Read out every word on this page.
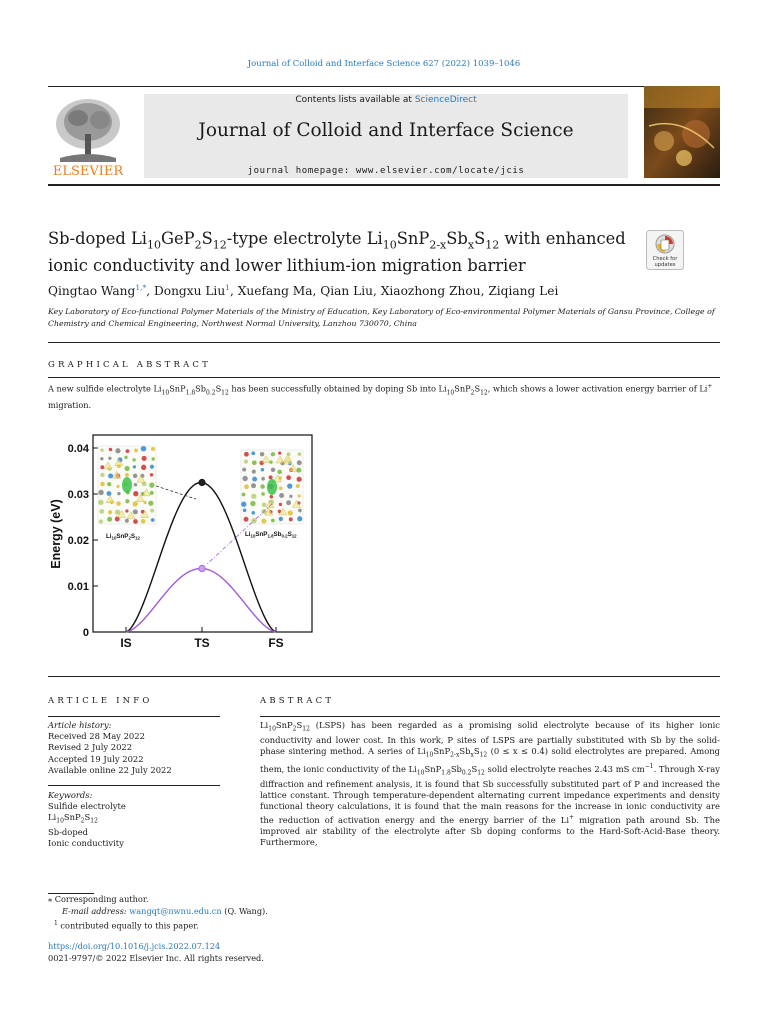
Journal of Colloid and Interface Science 627 (2022) 1039–1046
Contents lists available at ScienceDirect
Journal of Colloid and Interface Science
journal homepage: www.elsevier.com/locate/jcis
ELSEVIER
Sb-doped $Li_{10}GeP_2S_{12}$-type electrolyte $Li_{10}SnP_{2-x}Sb_xS_{12}$ with enhanced
ionic conductivity and lower lithium-ion migration barrier	Check for
updates
Qingtao Wang$^{1,*}$, Dongxu Liu$^1$, Xuefang Ma, Qian Liu, Xiaozhong Zhou, Ziqiang Lei
Key Laboratory of Eco-functional Polymer Materials of the Ministry of Education, Key Laboratory of Eco-environmental Polymer Materials of Gansu Province, College of Chemistry and Chemical Engineering, Northwest Normal University, Lanzhou 730070, China
GRAPHICAL ABSTRACT
A new sulfide electrolyte $Li_{10}SnP_{1.8}Sb_{0.2}S_{12}$ has been successfully obtained by doping Sb into $Li_{10}SnP_2S_{12}$, which shows a lower activation energy barrier of Li+ migration.
0
0.01
0.02
0.03
0.04
IS	TS	FS
Energy (eV)	$Li_{10}SnP_2S_{12}$	$Li_{10}SnP_{1.8}Sb_{0.2}S_{12}$
ARTICLE INFO
Article history:
Received 28 May 2022
Revised 2 July 2022
Accepted 19 July 2022
Available online 22 July 2022
Keywords:
Sulfide electrolyte
$Li_{10}SnP_2S_{12}$
Sb-doped
Ionic conductivity
ABSTRACT
$Li_{10}SnP_2S_{12}$ (LSPS) has been regarded as a promising solid electrolyte because of its higher ionic conductivity and lower cost. In this work, P sites of LSPS are partially substituted with Sb by the solid-phase sintering method. A series of $Li_{10}SnP_{2-x}Sb_xS_{12}$ (0 ≤ x ≤ 0.4) solid electrolytes are prepared. Among them, the ionic conductivity of the $Li_{10}SnP_{1.8}Sb_{0.2}S_{12}$ solid electrolyte reaches 2.43 mS $cm^{-1}$. Through X-ray diffraction and refinement analysis, it is found that Sb successfully substituted part of P and increased the lattice constant. Through temperature-dependent alternating current impedance experiments and density functional theory calculations, it is found that the main reasons for the increase in ionic conductivity are the reduction of activation energy and the energy barrier of the Li+ migration path around Sb. The improved air stability of the electrolyte after Sb doping conforms to the Hard-Soft-Acid-Base theory. Furthermore,
⁎ Corresponding author.
E-mail address: wangqt@nwnu.edu.cn (Q. Wang).
$^1$ contributed equally to this paper.
https://doi.org/10.1016/j.jcis.2022.07.124
0021-9797/© 2022 Elsevier Inc. All rights reserved.
